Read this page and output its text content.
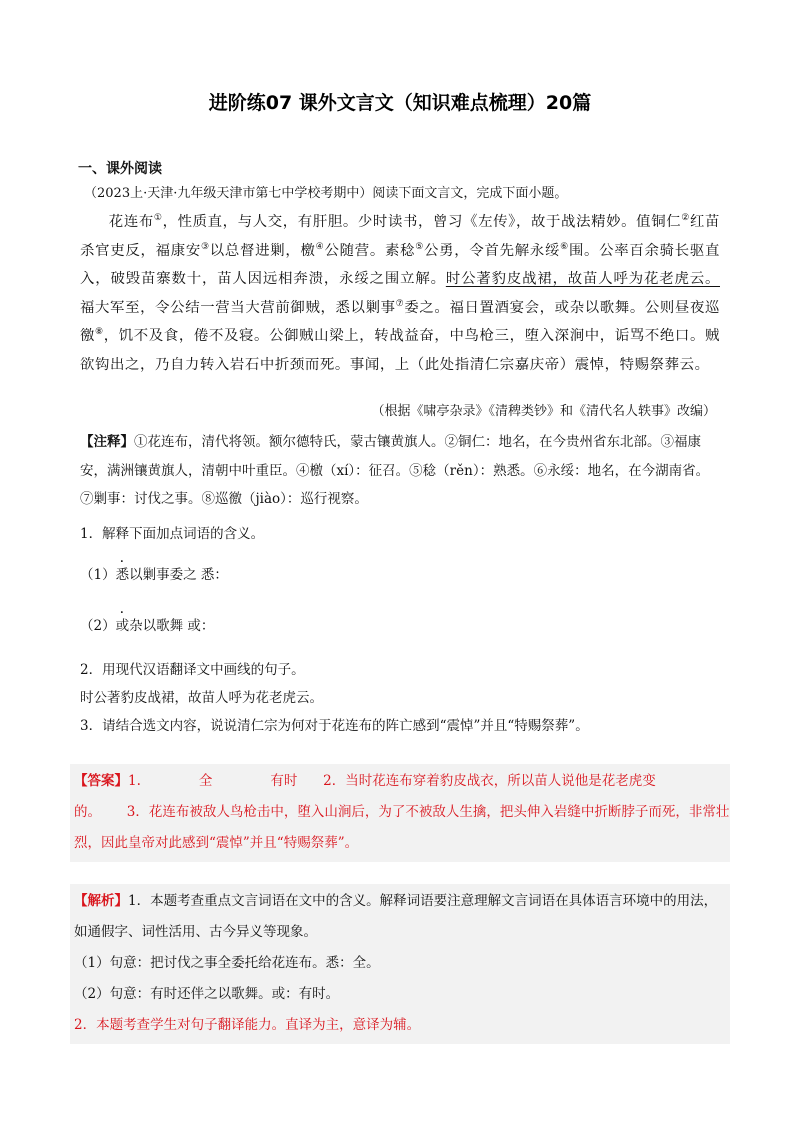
进阶练07 课外文言文（知识难点梳理）20篇
一、课外阅读
（2023上·天津·九年级天津市第七中学校考期中）阅读下面文言文，完成下面小题。

花连布①，性质直，与人交，有肝胆。少时读书，曾习《左传》，故于战法精妙。值铜仁②红苗杀官吏反，福康安③以总督进剿，檄④公随营。素稔⑤公勇，令首先解永绥⑥围。公率百余骑长驱直入，破毁苗寨数十，苗人因远相奔溃，永绥之围立解。时公著豹皮战裙，故苗人呼为花老虎云。福大军至，令公结一营当大营前御贼，悉以剿事⑦委之。福日置酒宴会，或杂以歌舞。公则昼夜巡徼⑧，饥不及食，倦不及寝。公御贼山梁上，转战益奋，中鸟枪三，堕入深涧中，诟骂不绝口。贼欲钩出之，乃自力转入岩石中折颈而死。事闻，上（此处指清仁宗嘉庆帝）震悼，特赐祭葬云。

（根据《啸亭杂录》《清稗类钞》和《清代名人轶事》改编）

【注释】①花连布，清代将领。额尔德特氏，蒙古镶黄旗人。②铜仁：地名，在今贵州省东北部。③福康安，满洲镶黄旗人，清朝中叶重臣。④檄（xí）：征召。⑤稔（rěn）：熟悉。⑥永绥：地名，在今湖南省。⑦剿事：讨伐之事。⑧巡徼（jiào）：巡行视察。

1．解释下面加点词语的含义。
（1）悉以剿事委之 悉：
（2）或杂以歌舞 或：
2．用现代汉语翻译文中画线的句子。
时公著豹皮战裙，故苗人呼为花老虎云。
3．请结合选文内容，说说清仁宗为何对于花连布的阵亡感到“震悼”并且“特赐祭葬”。

【答案】1.	全	有时 2．当时花连布穿着豹皮战衣，所以苗人说他是花老虎变的。 3．花连布被敌人鸟枪击中，堕入山涧后，为了不被敌人生擒，把头伸入岩缝中折断脖子而死，非常壮烈，因此皇帝对此感到“震悼”并且“特赐祭葬”。

【解析】1．本题考查重点文言词语在文中的含义。解释词语要注意理解文言词语在具体语言环境中的用法，如通假字、词性活用、古今异义等现象。
（1）句意：把讨伐之事全委托给花连布。悉：全。
（2）句意：有时还伴之以歌舞。或：有时。
2．本题考查学生对句子翻译能力。直译为主，意译为辅。
